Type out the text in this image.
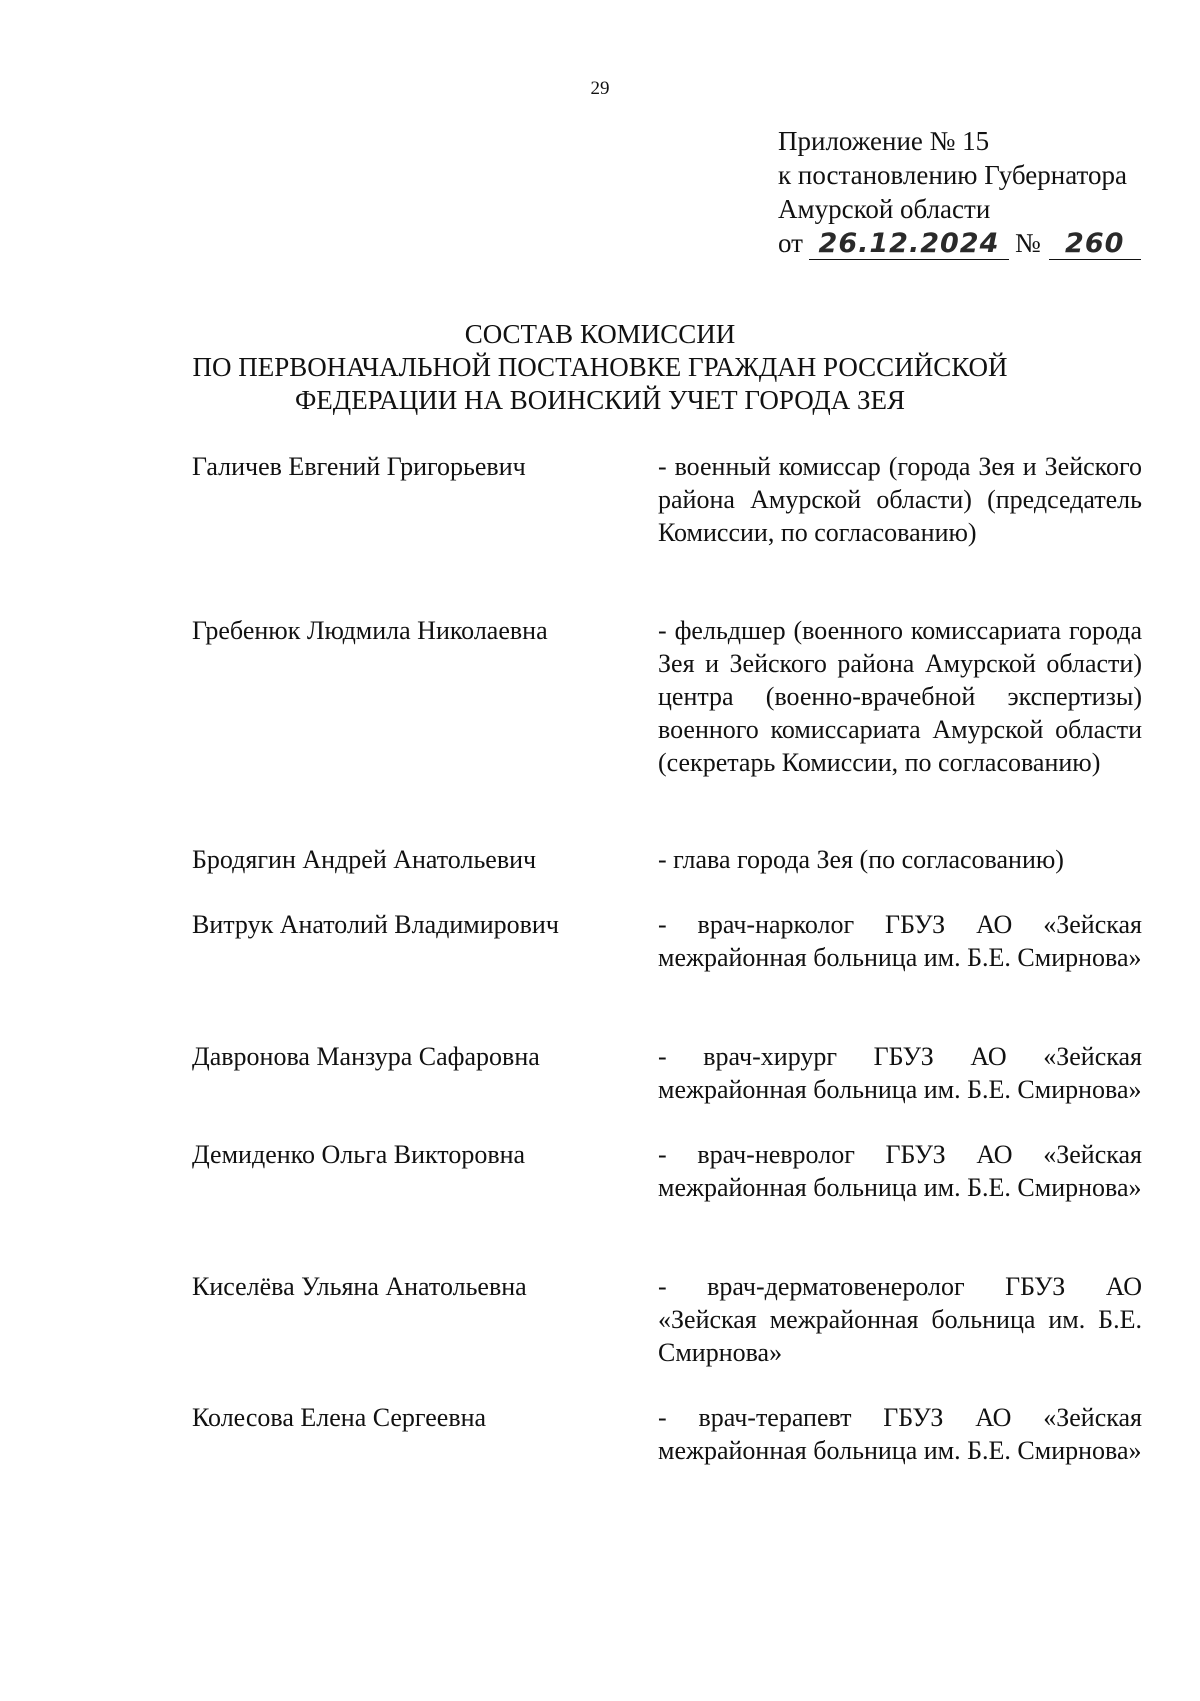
29
Приложение № 15
к постановлению Губернатора
Амурской области
от 26.12.2024 № 260
СОСТАВ КОМИССИИ
ПО ПЕРВОНАЧАЛЬНОЙ ПОСТАНОВКЕ ГРАЖДАН РОССИЙСКОЙ
ФЕДЕРАЦИИ НА ВОИНСКИЙ УЧЕТ ГОРОДА ЗЕЯ
Галичев Евгений Григорьевич	- военный комиссар (города Зея и Зейского района Амурской области) (председатель Комиссии, по согласованию)
Гребенюк Людмила Николаевна	- фельдшер (военного комиссариата города Зея и Зейского района Амурской области) центра (военно-врачебной экспертизы) военного комиссариата Амурской области (секретарь Комиссии, по согласованию)
Бродягин Андрей Анатольевич	- глава города Зея (по согласованию)
Витрук Анатолий Владимирович	- врач-нарколог ГБУЗ АО «Зейская межрайонная больница им. Б.Е. Смирнова»
Давронова Манзура Сафаровна	- врач-хирург ГБУЗ АО «Зейская межрайонная больница им. Б.Е. Смирнова»
Демиденко Ольга Викторовна	- врач-невролог ГБУЗ АО «Зейская межрайонная больница им. Б.Е. Смирнова»
Киселёва Ульяна Анатольевна	- врач-дерматовенеролог ГБУЗ АО «Зейская межрайонная больница им. Б.Е. Смирнова»
Колесова Елена Сергеевна	- врач-терапевт ГБУЗ АО «Зейская межрайонная больница им. Б.Е. Смирнова»
